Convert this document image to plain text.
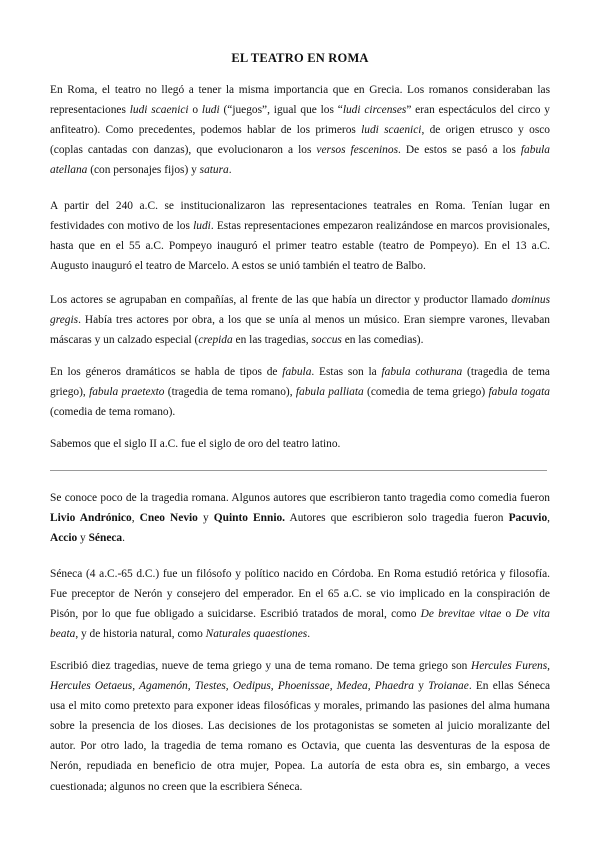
EL TEATRO EN ROMA

En Roma, el teatro no llegó a tener la misma importancia que en Grecia. Los romanos consideraban las representaciones ludi scaenici o ludi (“juegos”, igual que los “ludi circenses” eran espectáculos del circo y anfiteatro). Como precedentes, podemos hablar de los primeros ludi scaenici, de origen etrusco y osco (coplas cantadas con danzas), que evolucionaron a los versos fesceninos. De estos se pasó a los fabula atellana (con personajes fijos) y satura.

A partir del 240 a.C. se institucionalizaron las representaciones teatrales en Roma. Tenían lugar en festividades con motivo de los ludi. Estas representaciones empezaron realizándose en marcos provisionales, hasta que en el 55 a.C. Pompeyo inauguró el primer teatro estable (teatro de Pompeyo). En el 13 a.C. Augusto inauguró el teatro de Marcelo. A estos se unió también el teatro de Balbo.

Los actores se agrupaban en compañías, al frente de las que había un director y productor llamado dominus gregis. Había tres actores por obra, a los que se unía al menos un músico. Eran siempre varones, llevaban máscaras y un calzado especial (crepida en las tragedias, soccus en las comedias).

En los géneros dramáticos se habla de tipos de fabula. Estas son la fabula cothurana (tragedia de tema griego), fabula praetexto (tragedia de tema romano), fabula palliata (comedia de tema griego) fabula togata (comedia de tema romano).

Sabemos que el siglo II a.C. fue el siglo de oro del teatro latino.

Se conoce poco de la tragedia romana. Algunos autores que escribieron tanto tragedia como comedia fueron Livio Andrónico, Cneo Nevio y Quinto Ennio. Autores que escribieron solo tragedia fueron Pacuvio, Accio y Séneca.

Séneca (4 a.C.-65 d.C.) fue un filósofo y político nacido en Córdoba. En Roma estudió retórica y filosofía. Fue preceptor de Nerón y consejero del emperador. En el 65 a.C. se vio implicado en la conspiración de Pisón, por lo que fue obligado a suicidarse. Escribió tratados de moral, como De brevitae vitae o De vita beata, y de historia natural, como Naturales quaestiones.

Escribió diez tragedias, nueve de tema griego y una de tema romano. De tema griego son Hercules Furens, Hercules Oetaeus, Agamenón, Tiestes, Oedipus, Phoenissae, Medea, Phaedra y Troianae. En ellas Séneca usa el mito como pretexto para exponer ideas filosóficas y morales, primando las pasiones del alma humana sobre la presencia de los dioses. Las decisiones de los protagonistas se someten al juicio moralizante del autor. Por otro lado, la tragedia de tema romano es Octavia, que cuenta las desventuras de la esposa de Nerón, repudiada en beneficio de otra mujer, Popea. La autoría de esta obra es, sin embargo, a veces cuestionada; algunos no creen que la escribiera Séneca.
